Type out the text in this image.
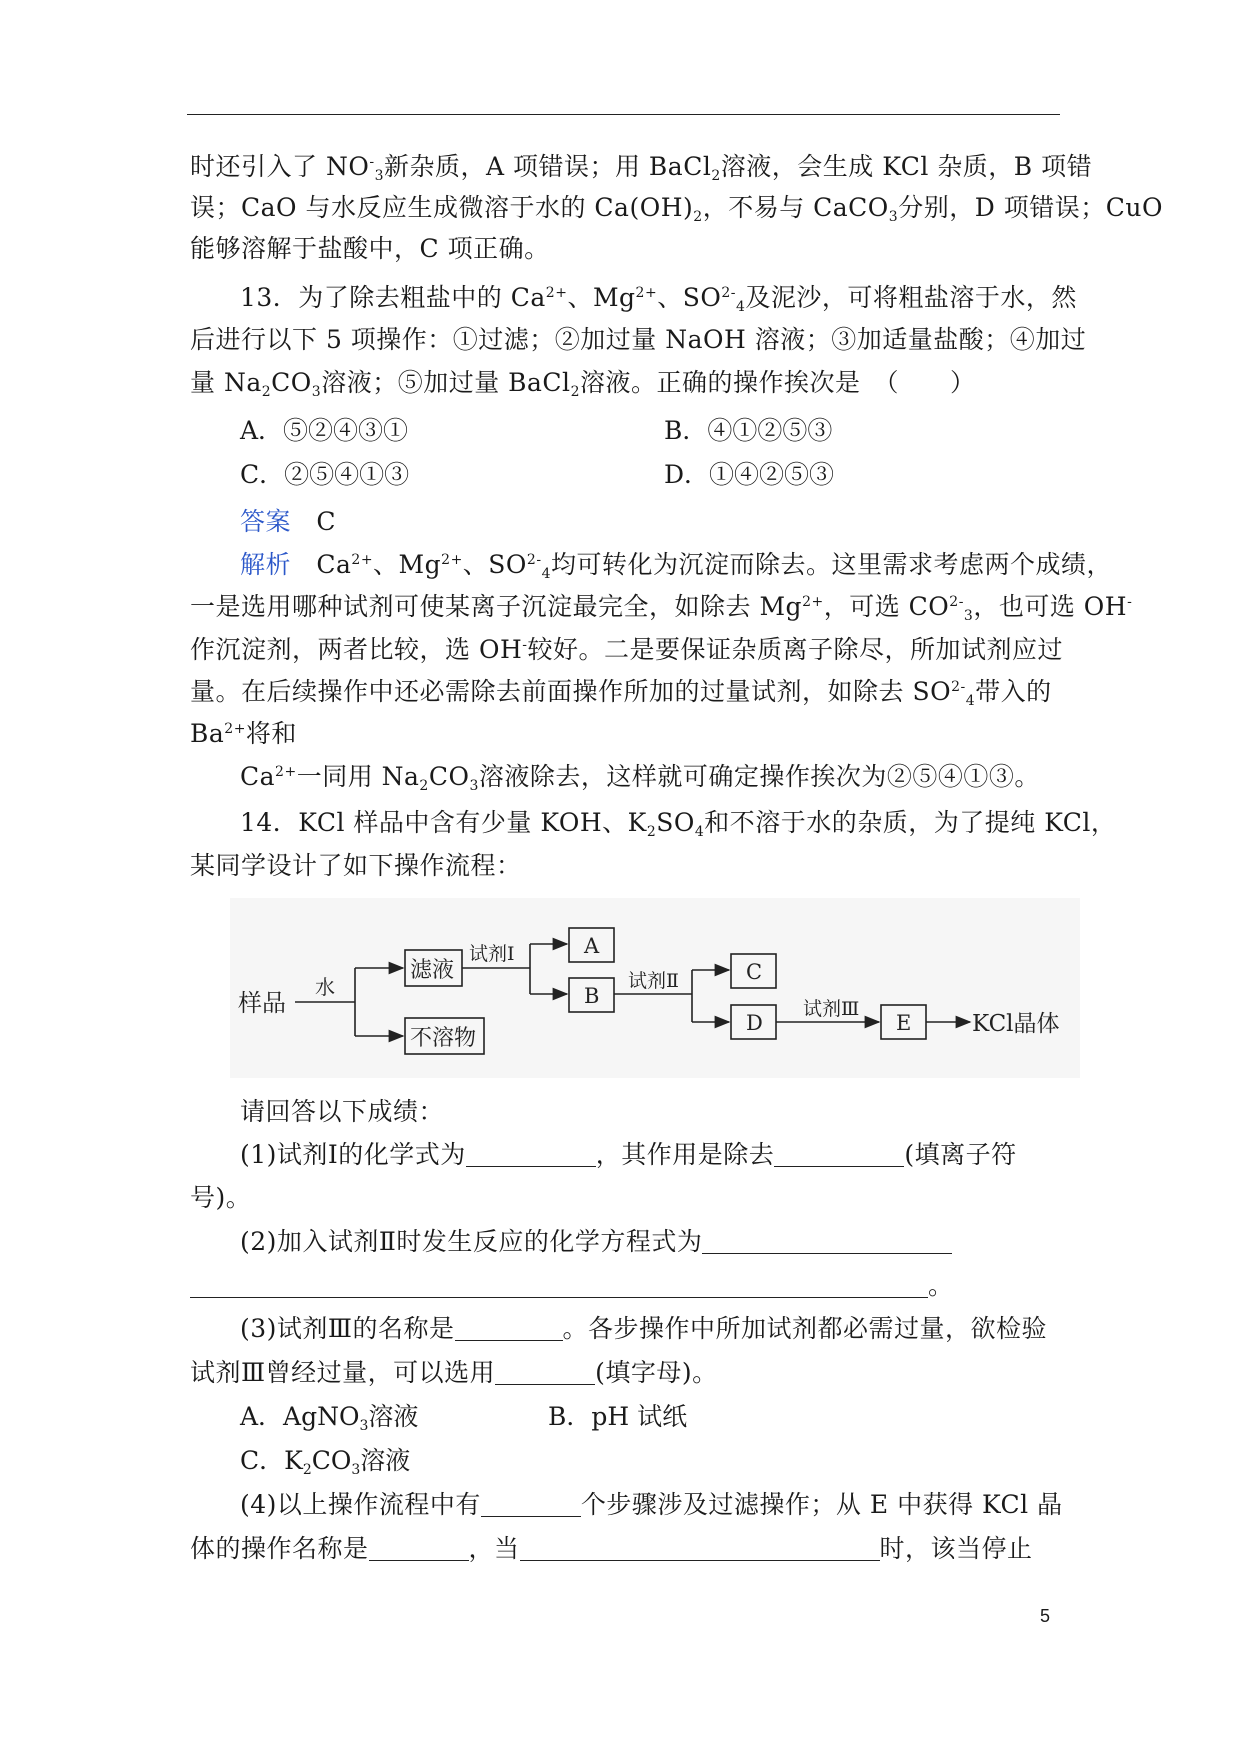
时还引入了 $NO^-_3$新杂质，A 项错误；用 BaCl$_2$溶液，会生成 KCl 杂质，B 项错
误；CaO 与水反应生成微溶于水的 $Ca(OH)_2$，不易与 CaCO$_3$分别，D 项错误；CuO
能够溶解于盐酸中，C 项正确。
13．为了除去粗盐中的 $Ca^{2+}$、$Mg^{2+}$、$SO^{2-}_4$及泥沙，可将粗盐溶于水，然
后进行以下 5 项操作：①过滤；②加过量 NaOH 溶液；③加适量盐酸；④加过
量 $Na_2CO_3$溶液；⑤加过量 BaCl$_2$溶液。正确的操作挨次是　（　　）
A．⑤②④③①	B．④①②⑤③
C．②⑤④①③	D．①④②⑤③
答案 C
解析 $Ca^{2+}$、$Mg^{2+}$、$SO^{2-}_4$均可转化为沉淀而除去。这里需求考虑两个成绩，
一是选用哪种试剂可使某离子沉淀最完全，如除去 $Mg^{2+}$，可选 $CO^{2-}_3$，也可选 OH-
作沉淀剂，两者比较，选 OH-较好。二是要保证杂质离子除尽，所加试剂应过
量。在后续操作中还必需除去前面操作所加的过量试剂，如除去 $SO^{2-}_4$带入的
$Ba^{2+}$将和
$Ca^{2+}$一同用 $Na_2CO_3$溶液除去，这样就可确定操作挨次为②⑤④①③。
14．KCl 样品中含有少量 KOH、$K_2SO_4$和不溶于水的杂质，为了提纯 KCl，
某同学设计了如下操作流程：
样品
水
滤液
不溶物
试剂Ⅰ	A
B
试剂Ⅱ	C
D
试剂Ⅲ
E	KCl晶体
请回答以下成绩：
(1)试剂Ⅰ的化学式为	，其作用是除去	(填离子符
号)。
(2)加入试剂Ⅱ时发生反应的化学方程式为
。
(3)试剂Ⅲ的名称是	。各步操作中所加试剂都必需过量，欲检验
试剂Ⅲ曾经过量，可以选用	(填字母)。
A．AgNO$_3$溶液	B．pH 试纸
C．$K_2CO_3$溶液
(4)以上操作流程中有	个步骤涉及过滤操作；从 E 中获得 KCl 晶
体的操作名称是	，当	时，该当停止
5
